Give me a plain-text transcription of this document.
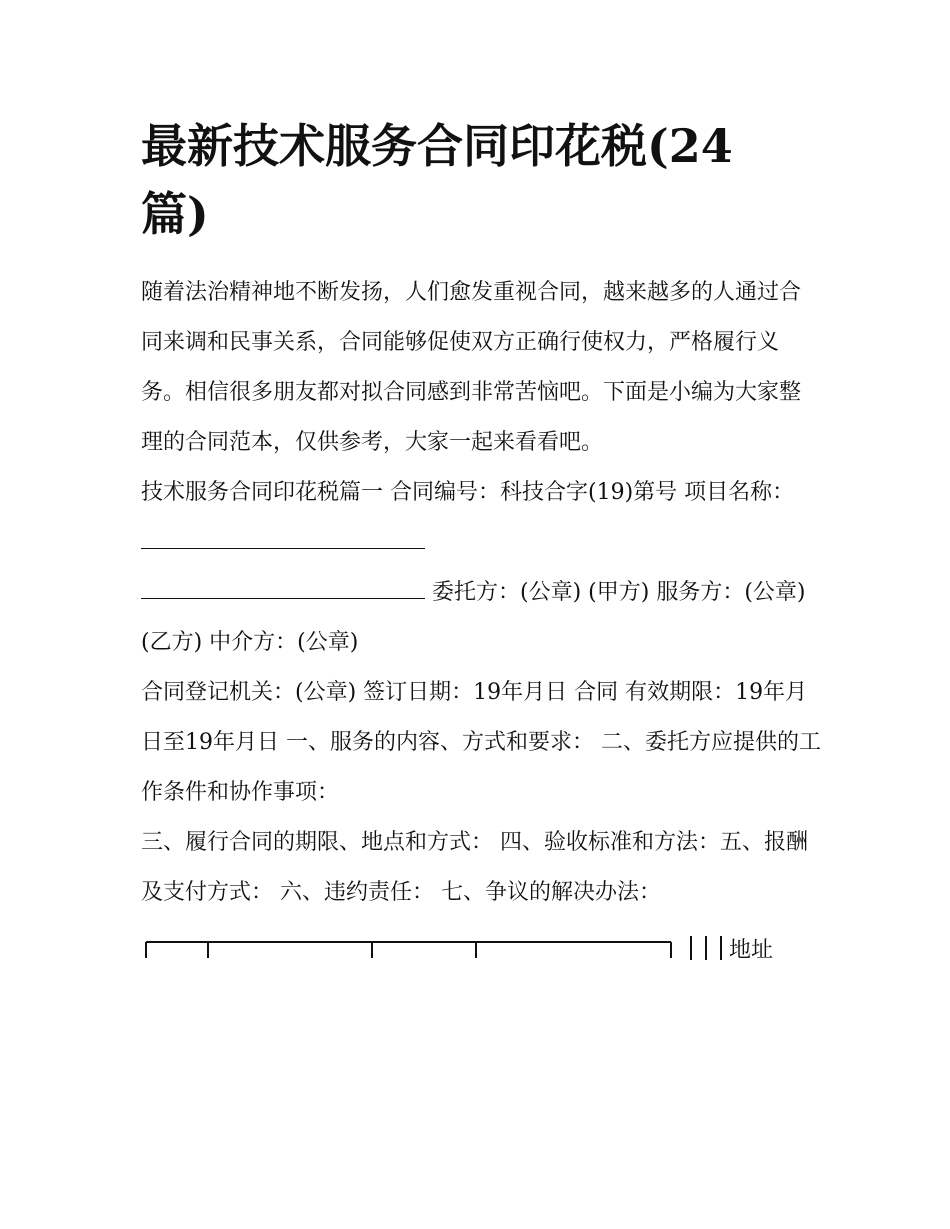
最新技术服务合同印花税(24篇)

随着法治精神地不断发扬，人们愈发重视合同，越来越多的人通过合同来调和民事关系，合同能够促使双方正确行使权力，严格履行义务。相信很多朋友都对拟合同感到非常苦恼吧。下面是小编为大家整理的合同范本，仅供参考，大家一起来看看吧。

技术服务合同印花税篇一 合同编号：科技合字(19)第号 项目名称：
委托方：(公章) (甲方) 服务方：(公章) (乙方) 中介方：(公章)

合同登记机关：(公章) 签订日期：19年月日 合同 有效期限：19年月日至19年月日 一、服务的内容、方式和要求： 二、委托方应提供的工作条件和协作事项：

三、履行合同的期限、地点和方式： 四、验收标准和方法：五、报酬及支付方式： 六、违约责任： 七、争议的解决办法：

地址
